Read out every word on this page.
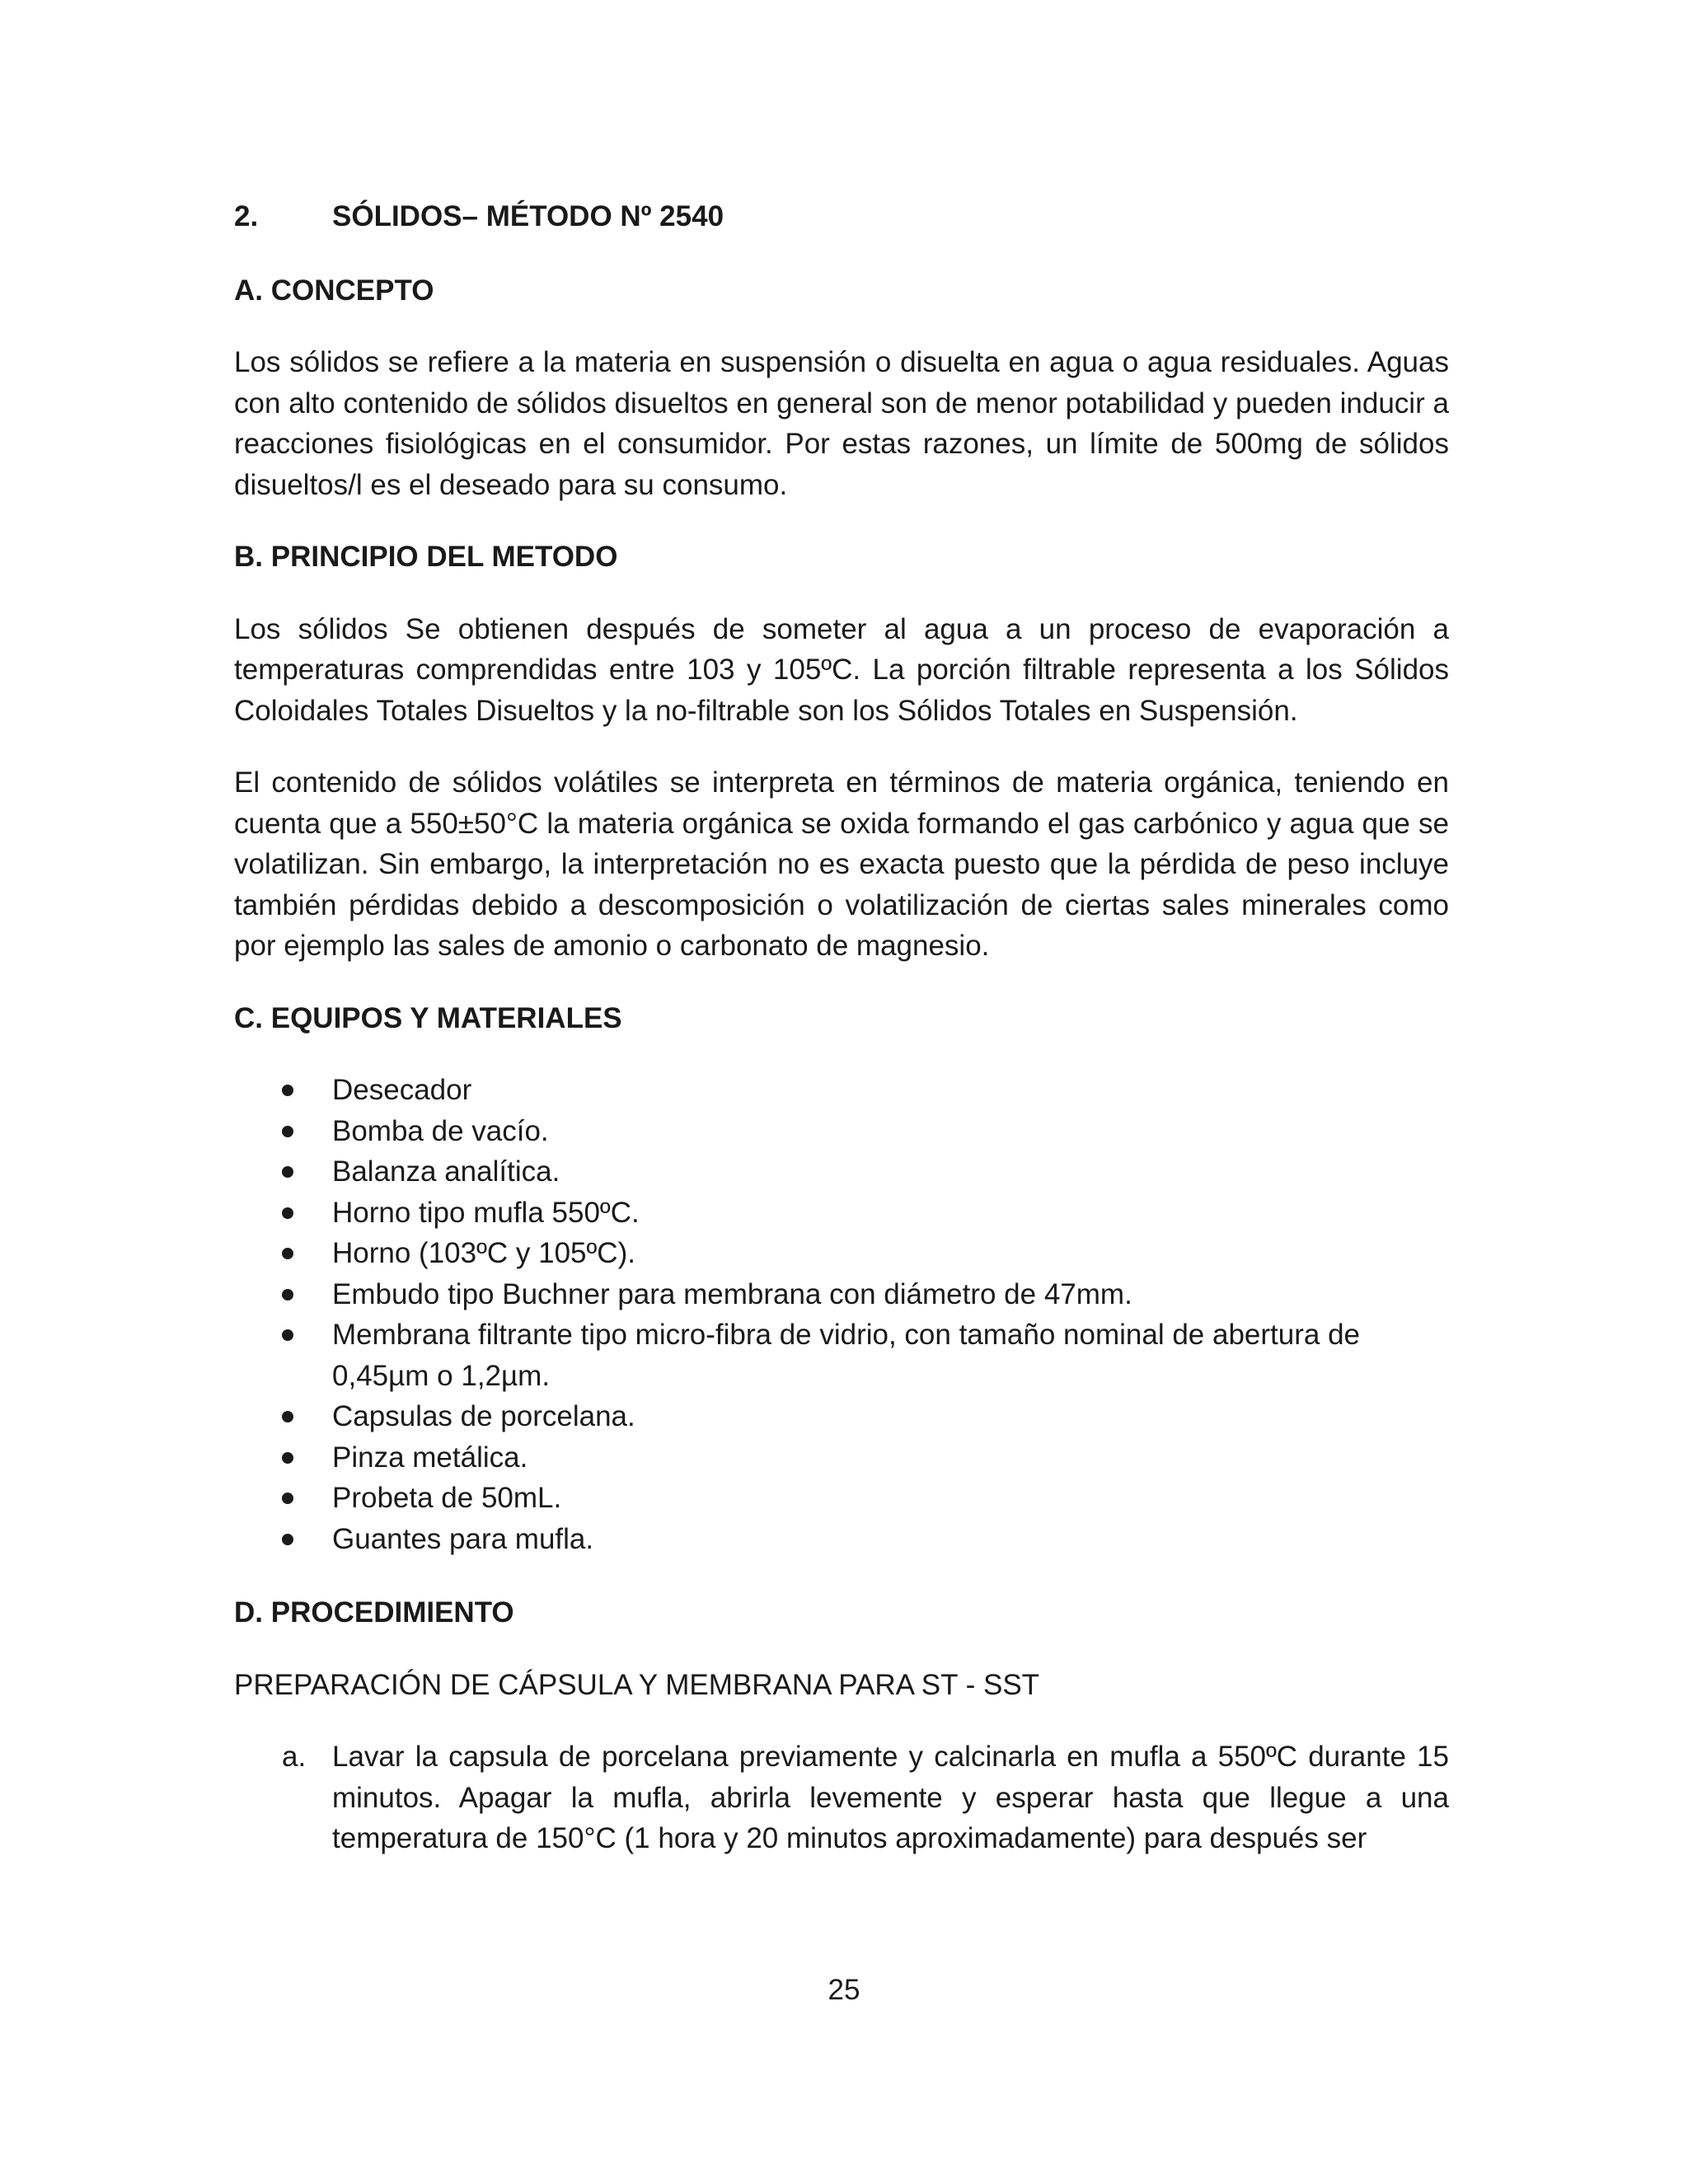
2.	SÓLIDOS– MÉTODO Nº 2540
A. CONCEPTO

Los sólidos se refiere a la materia en suspensión o disuelta en agua o agua residuales. Aguas con alto contenido de sólidos disueltos en general son de menor potabilidad y pueden inducir a reacciones fisiológicas en el consumidor. Por estas razones, un límite de 500mg de sólidos disueltos/l es el deseado para su consumo.

B. PRINCIPIO DEL METODO

Los sólidos Se obtienen después de someter al agua a un proceso de evaporación a temperaturas comprendidas entre 103 y 105ºC. La porción filtrable representa a los Sólidos Coloidales Totales Disueltos y la no-filtrable son los Sólidos Totales en Suspensión.

El contenido de sólidos volátiles se interpreta en términos de materia orgánica, teniendo en cuenta que a 550±50°C la materia orgánica se oxida formando el gas carbónico y agua que se volatilizan. Sin embargo, la interpretación no es exacta puesto que la pérdida de peso incluye también pérdidas debido a descomposición o volatilización de ciertas sales minerales como por ejemplo las sales de amonio o carbonato de magnesio.

C. EQUIPOS Y MATERIALES
Desecador
Bomba de vacío.
Balanza analítica.
Horno tipo mufla 550ºC.
Horno (103ºC y 105ºC).
Embudo tipo Buchner para membrana con diámetro de 47mm.
Membrana filtrante tipo micro-fibra de vidrio, con tamaño nominal de abertura de 0,45µm o 1,2µm.
Capsulas de porcelana.
Pinza metálica.
Probeta de 50mL.
Guantes para mufla.
D. PROCEDIMIENTO
PREPARACIÓN DE CÁPSULA Y MEMBRANA PARA ST - SST
a. Lavar la capsula de porcelana previamente y calcinarla en mufla a 550ºC durante 15 minutos. Apagar la mufla, abrirla levemente y esperar hasta que llegue a una temperatura de 150°C (1 hora y 20 minutos aproximadamente) para después ser
25
